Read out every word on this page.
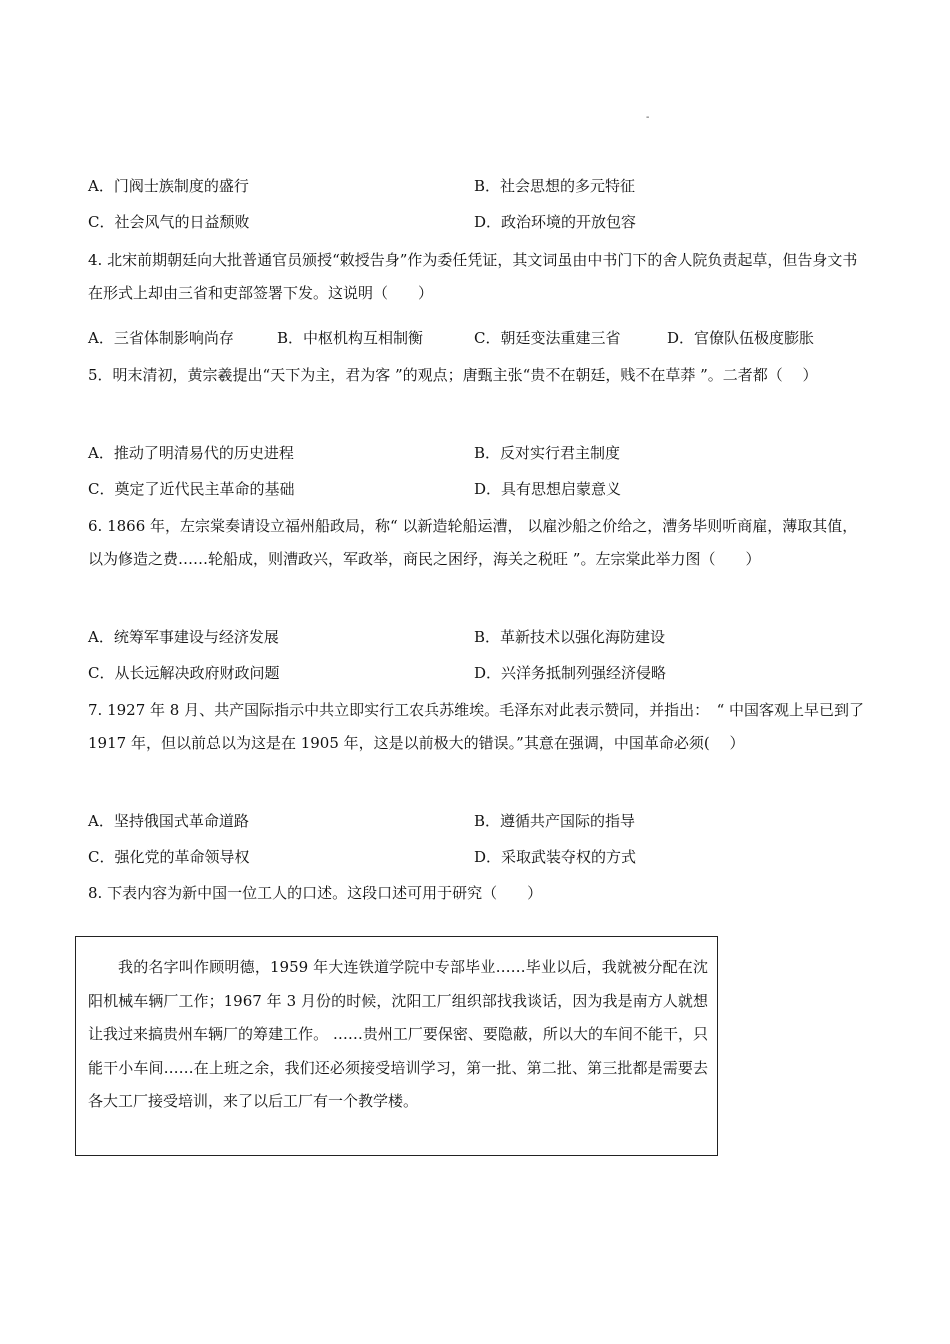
-
A．门阀士族制度的盛行	B．社会思想的多元特征
C．社会风气的日益颓败	D．政治环境的开放包容

4. 北宋前期朝廷向大批普通官员颁授“敕授告身”作为委任凭证，其文词虽由中书门下的舍人院负责起草，但告身文书在形式上却由三省和吏部签署下发。这说明（　　）

A．三省体制影响尚存	B．中枢机构互相制衡	C．朝廷变法重建三省	D．官僚队伍极度膨胀

5．明末清初，黄宗羲提出“天下为主，君为客 ”的观点；唐甄主张“贵不在朝廷，贱不在草莽 ”。二者都（　 ）

A．推动了明清易代的历史进程	B．反对实行君主制度
C．奠定了近代民主革命的基础	D．具有思想启蒙意义

6. 1866 年，左宗棠奏请设立福州船政局，称“ 以新造轮船运漕， 以雇沙船之价给之，漕务毕则听商雇，薄取其值，以为修造之费……轮船成，则漕政兴，军政举，商民之困纾，海关之税旺 ”。左宗棠此举力图（　　）

A．统筹军事建设与经济发展	B．革新技术以强化海防建设
C．从长远解决政府财政问题	D．兴洋务抵制列强经济侵略

7. 1927 年 8 月、共产国际指示中共立即实行工农兵苏维埃。毛泽东对此表示赞同，并指出：　“ 中国客观上早已到了 1917 年，但以前总以为这是在 1905 年，这是以前极大的错误。”其意在强调，中国革命必须(　 ）

A．坚持俄国式革命道路	B．遵循共产国际的指导
C．强化党的革命领导权	D．采取武装夺权的方式

8. 下表内容为新中国一位工人的口述。这段口述可用于研究（　　）

我的名字叫作顾明德，1959 年大连铁道学院中专部毕业……毕业以后，我就被分配在沈阳机械车辆厂工作；1967 年 3 月份的时候，沈阳工厂组织部找我谈话，因为我是南方人就想让我过来搞贵州车辆厂的筹建工作。 ……贵州工厂要保密、要隐蔽，所以大的车间不能干，只能干小车间……在上班之余，我们还必须接受培训学习，第一批、第二批、第三批都是需要去各大工厂接受培训，来了以后工厂有一个教学楼。
